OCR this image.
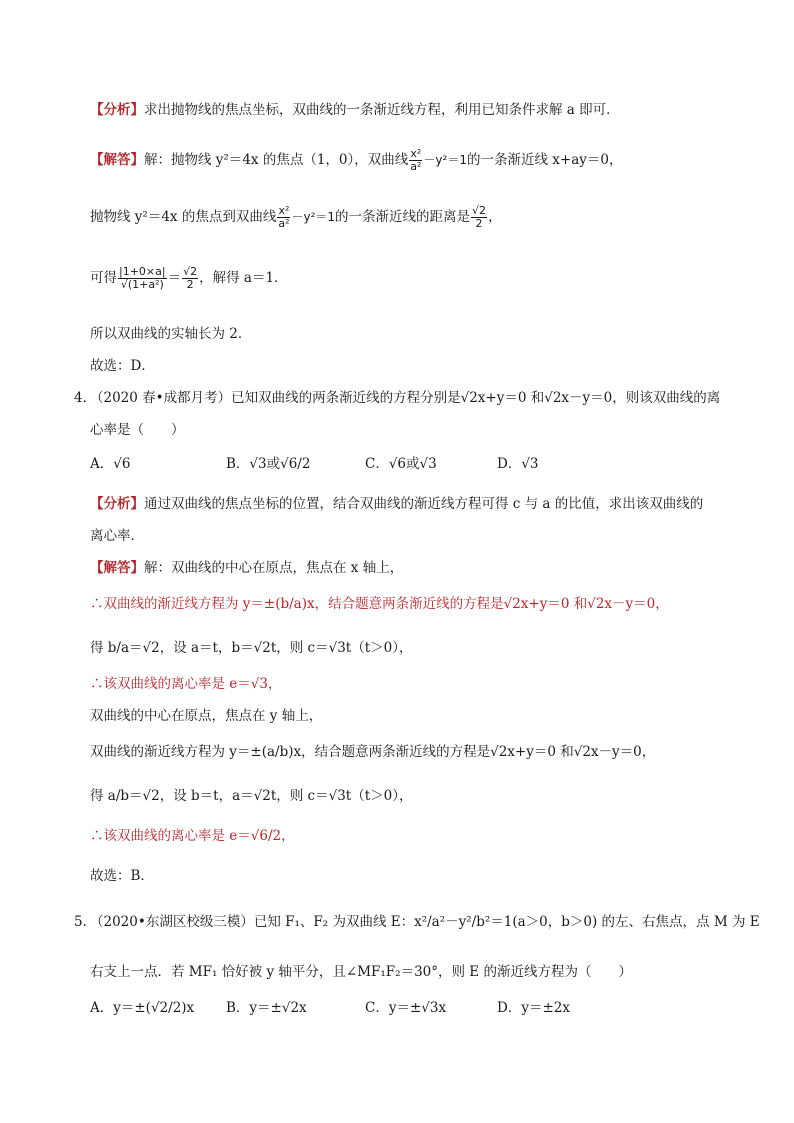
【分析】求出抛物线的焦点坐标，双曲线的一条渐近线方程，利用已知条件求解 a 即可．
【解答】解：抛物线 y²＝4x 的焦点（1，0），双曲线 $\frac{\text{x²}}{\text{a²}} -y^2=1$的一条渐近线 x+ay＝0，
抛物线 y²＝4x 的焦点到双曲线 $\frac{\text{x²}}{\text{a²}} -y^2=1$的一条渐近线的距离是 $\frac{√2}{2}$ ，
可得 $\frac{|1+0\times a|}{\text{√(1+a²)}} = \frac{√2}{2}$ ，解得 a＝1．
所以双曲线的实轴长为 2．
故选：D．
4．
（2020 春•成都月考）已知双曲线的两条渐近线的方程分别是√2x+y＝0 和√2x－y＝0，则该双曲线的离
心率是（　　）
A．√6	B．√3或√6/2	C．√6或√3	D．√3
【分析】通过双曲线的焦点坐标的位置，结合双曲线的渐近线方程可得 c 与 a 的比值，求出该双曲线的
离心率．
【解答】解：双曲线的中心在原点，焦点在 x 轴上，
∴双曲线的渐近线方程为 y＝±(b/a)x，结合题意两条渐近线的方程是√2x+y＝0 和√2x－y＝0，
得 b/a＝√2，设 a＝t，b＝√2t，则 c＝√3t（t＞0），
∴该双曲线的离心率是 e＝√3，
双曲线的中心在原点，焦点在 y 轴上，
双曲线的渐近线方程为 y＝±(a/b)x，结合题意两条渐近线的方程是√2x+y＝0 和√2x－y＝0，
得 a/b＝√2，设 b＝t，a＝√2t，则 c＝√3t（t＞0），
∴该双曲线的离心率是 e＝√6/2，
故选：B．
5．
（2020•东湖区校级三模）已知 F₁、F₂ 为双曲线 E：x²/a²－y²/b²＝1(a＞0，b＞0) 的左、右焦点，点 M 为 E
右支上一点．若 MF₁ 恰好被 y 轴平分，且∠MF₁F₂＝30°，则 E 的渐近线方程为（　　）
A．y＝±(√2/2)x B．y＝±√2x	C．y＝±√3x	D．y＝±2x
